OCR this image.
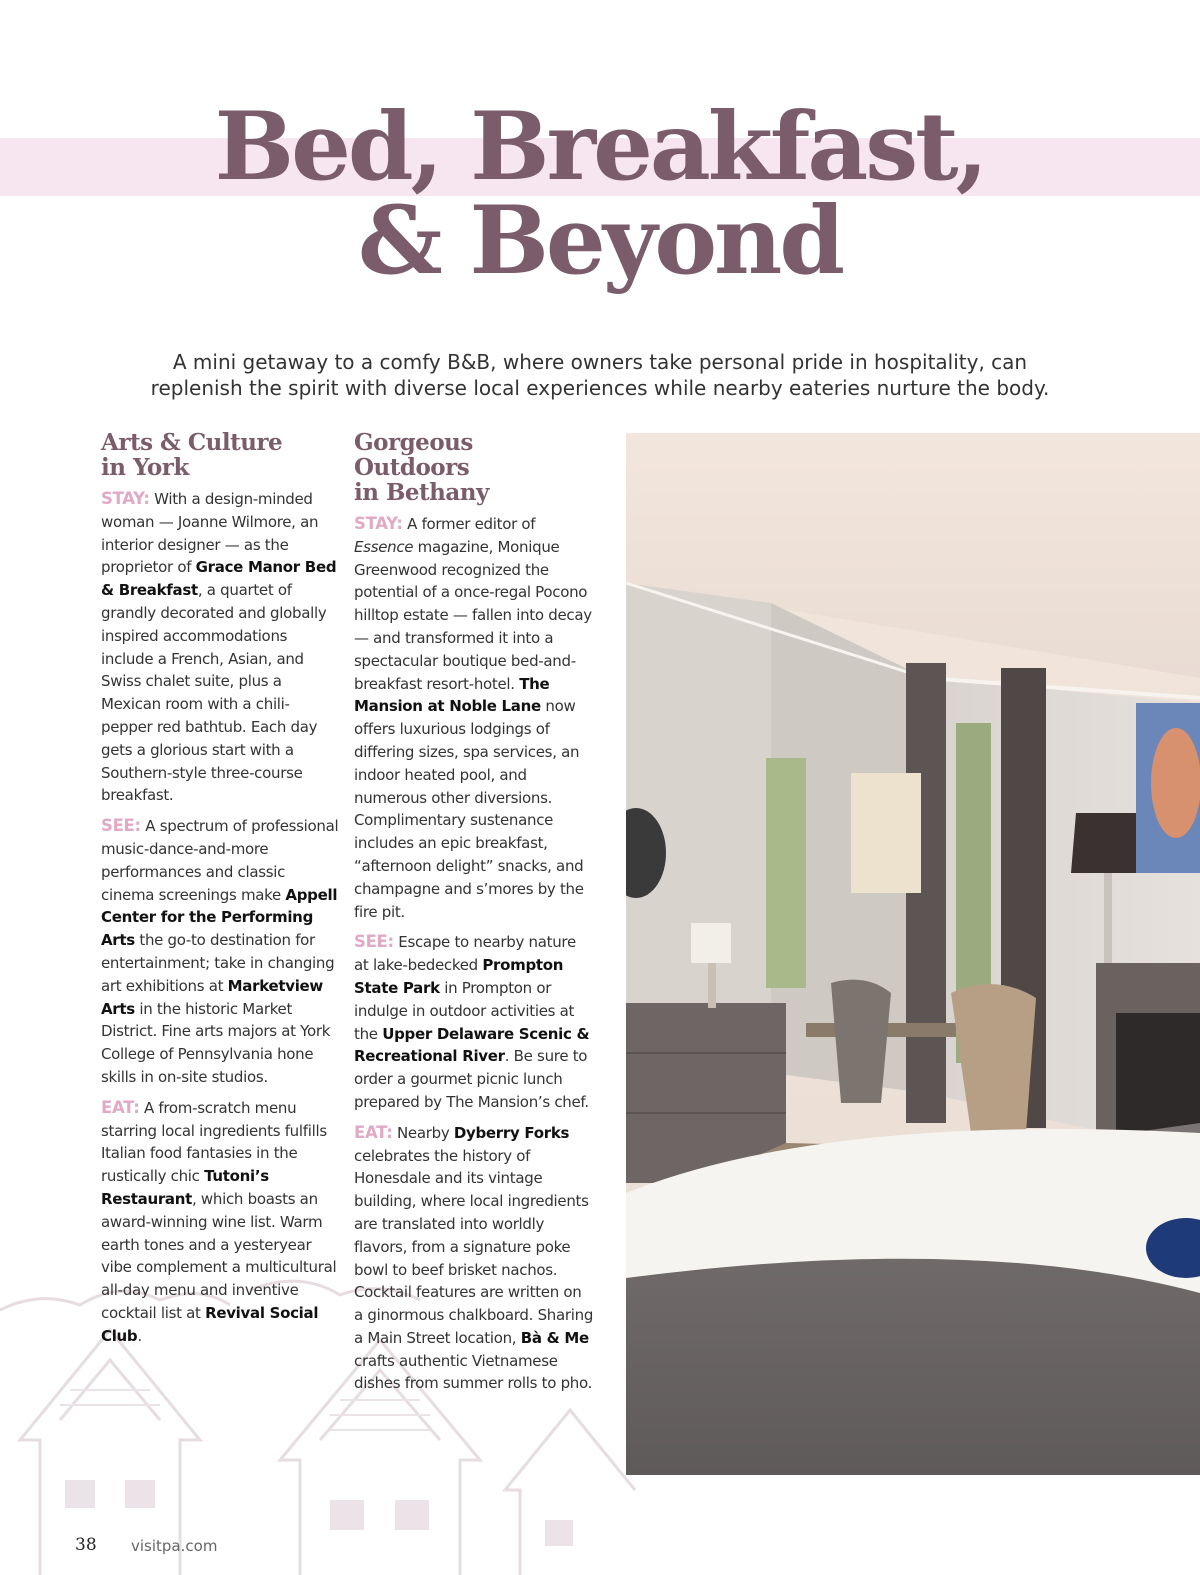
Bed, Breakfast,
& Beyond
A mini getaway to a comfy B&B, where owners take personal pride in hospitality, can
replenish the spirit with diverse local experiences while nearby eateries nurture the body.
Arts & Culture
in York

STAY: With a design-minded woman — Joanne Wilmore, an interior designer — as the proprietor of Grace Manor Bed & Breakfast, a quartet of grandly decorated and globally inspired accommodations include a French, Asian, and Swiss chalet suite, plus a Mexican room with a chili-pepper red bathtub. Each day gets a glorious start with a Southern-style three-course breakfast.

SEE: A spectrum of professional music-dance-and-more performances and classic cinema screenings make Appell Center for the Performing Arts the go-to destination for entertainment; take in changing art exhibitions at Marketview Arts in the historic Market District. Fine arts majors at York College of Pennsylvania hone skills in on-site studios.

EAT: A from-scratch menu starring local ingredients fulfills Italian food fantasies in the rustically chic Tutoni’s Restaurant, which boasts an award-winning wine list. Warm earth tones and a yesteryear vibe complement a multicultural all-day menu and inventive cocktail list at Revival Social Club.

Gorgeous Outdoors
in Bethany

STAY: A former editor of Essence magazine, Monique Greenwood recognized the potential of a once-regal Pocono hilltop estate — fallen into decay — and transformed it into a spectacular boutique bed-and-breakfast resort-hotel. The Mansion at Noble Lane now offers luxurious lodgings of differing sizes, spa services, an indoor heated pool, and numerous other diversions. Complimentary sustenance includes an epic breakfast, “afternoon delight” snacks, and champagne and s’mores by the fire pit.

SEE: Escape to nearby nature at lake-bedecked Prompton State Park in Prompton or indulge in outdoor activities at the Upper Delaware Scenic & Recreational River. Be sure to order a gourmet picnic lunch prepared by The Mansion’s chef.

EAT: Nearby Dyberry Forks celebrates the history of Honesdale and its vintage building, where local ingredients are translated into worldly flavors, from a signature poke bowl to beef brisket nachos. Cocktail features are written on a ginormous chalkboard. Sharing a Main Street location, Bà & Me crafts authentic Vietnamese dishes from summer rolls to pho.

38 visitpa.com
